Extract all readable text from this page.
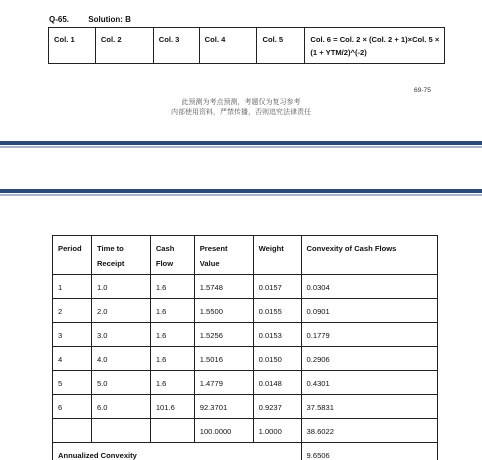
Q-65. Solution: B
Col. 1	Col. 2	Col. 3	Col. 4	Col. 5	Col. 6 = Col. 2 × (Col. 2 + 1)×Col. 5 × (1 + YTM/2)^(-2)
69-75
此预测为考点预测，考题仅为复习参考
内部使用资料，严禁传播，否则追究法律责任
Period	Time to Receipt	Cash Flow	Present Value	Weight	Convexity of Cash Flows
1	1.0	1.6	1.5748	0.0157	0.0304
2	2.0	1.6	1.5500	0.0155	0.0901
3	3.0	1.6	1.5256	0.0153	0.1779
4	4.0	1.6	1.5016	0.0150	0.2906
5	5.0	1.6	1.4779	0.0148	0.4301
6	6.0	101.6	92.3701	0.9237	37.5831
			100.0000	1.0000	38.6022
Annualized Convexity					9.6506
